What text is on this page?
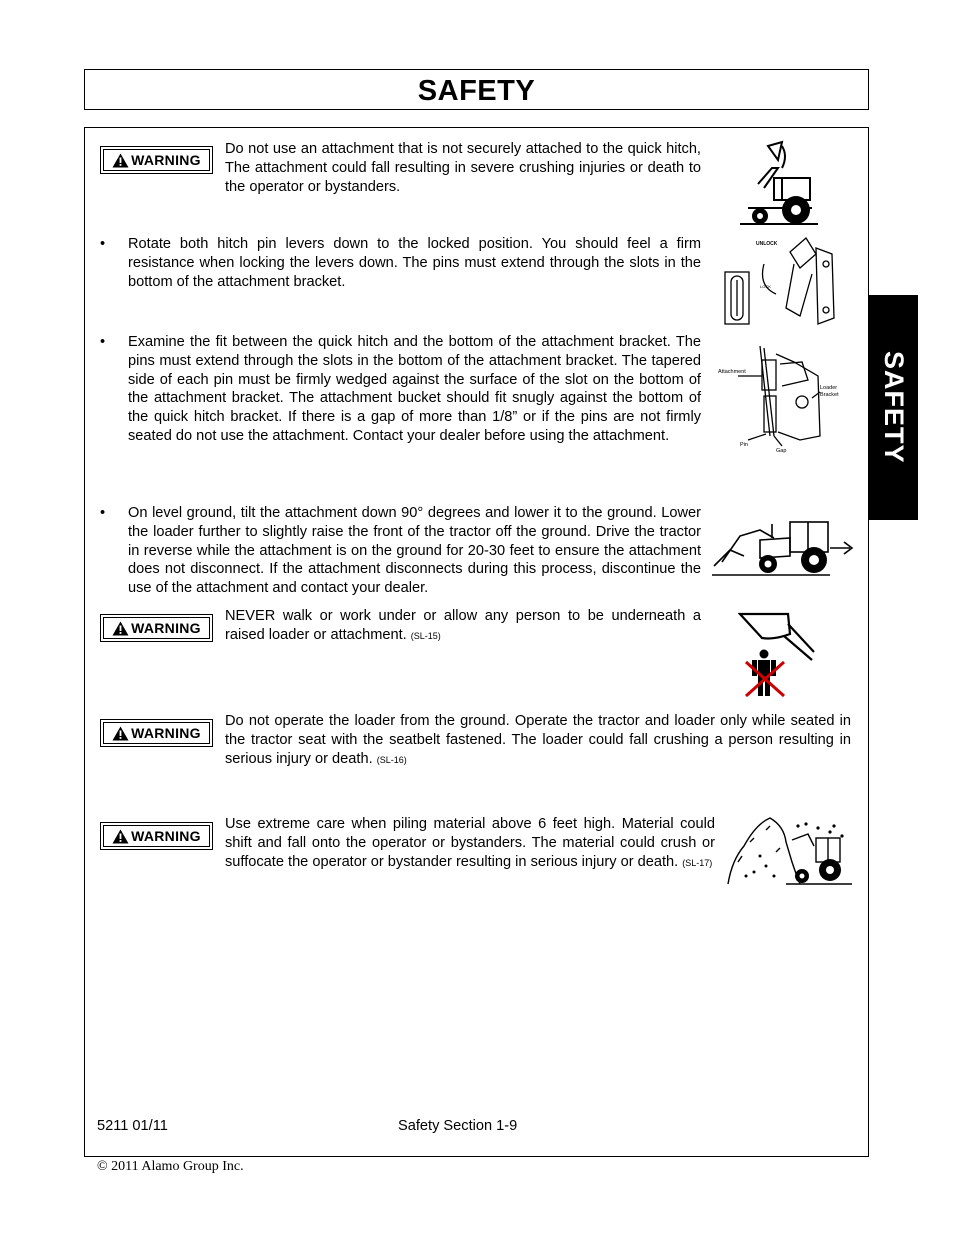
SAFETY
SAFETY
WARNING
Do not use an attachment that is not securely attached to the quick hitch, The attachment could fall resulting in severe crushing injuries or death to the operator or bystanders.
• Rotate both hitch pin levers down to the locked position. You should feel a firm resistance when locking the levers down. The pins must extend through the slots in the bottom of the attachment bracket.
UNLOCK
LOCK
• Examine the fit between the quick hitch and the bottom of the attachment bracket. The pins must extend through the slots in the bottom of the attachment bracket. The tapered side of each pin must be firmly wedged against the surface of the slot on the bottom of the attachment bracket. The attachment bucket should fit snugly against the bottom of the quick hitch bracket. If there is a gap of more than 1/8” or if the pins are not firmly seated do not use the attachment. Contact your dealer before using the attachment.
Attachment
Loader
Bracket
Pin
Gap
• On level ground, tilt the attachment down 90° degrees and lower it to the ground. Lower the loader further to slightly raise the front of the tractor off the ground. Drive the tractor in reverse while the attachment is on the ground for 20-30 feet to ensure the attachment does not disconnect. If the attachment disconnects during this process, discontinue the use of the attachment and contact your dealer.
WARNING
NEVER walk or work under or allow any person to be underneath a raised loader or attachment. (SL-15)
WARNING
Do not operate the loader from the ground. Operate the tractor and loader only while seated in the tractor seat with the seatbelt fastened. The loader could fall crushing a person resulting in serious injury or death. (SL-16)
WARNING
Use extreme care when piling material above 6 feet high. Material could shift and fall onto the operator or bystanders. The material could crush or suffocate the operator or bystander resulting in serious injury or death. (SL-17)
5211 01/11	Safety Section 1-9
© 2011 Alamo Group Inc.
